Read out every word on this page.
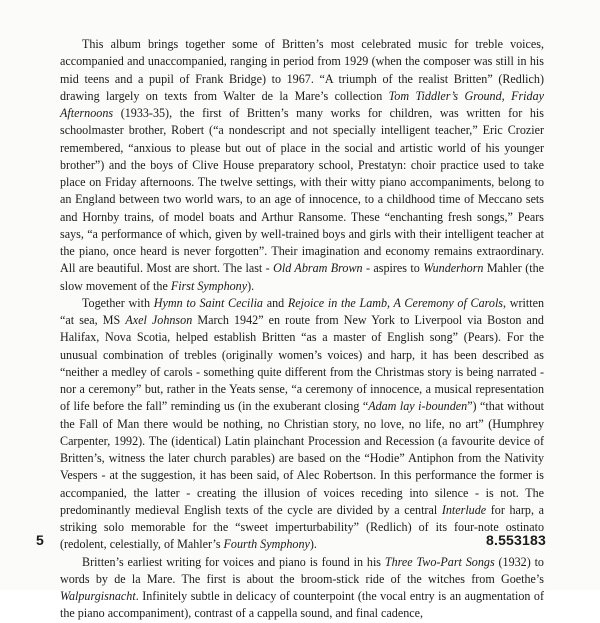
This album brings together some of Britten’s most celebrated music for treble voices, accompanied and unaccompanied, ranging in period from 1929 (when the composer was still in his mid teens and a pupil of Frank Bridge) to 1967. “A triumph of the realist Britten” (Redlich) drawing largely on texts from Walter de la Mare’s collection Tom Tiddler’s Ground, Friday Afternoons (1933-35), the first of Britten’s many works for children, was written for his schoolmaster brother, Robert (“a nondescript and not specially intelligent teacher,” Eric Crozier remembered, “anxious to please but out of place in the social and artistic world of his younger brother”) and the boys of Clive House preparatory school, Prestatyn: choir practice used to take place on Friday afternoons. The twelve settings, with their witty piano accompaniments, belong to an England between two world wars, to an age of innocence, to a childhood time of Meccano sets and Hornby trains, of model boats and Arthur Ransome. These “enchanting fresh songs,” Pears says, “a performance of which, given by well-trained boys and girls with their intelligent teacher at the piano, once heard is never forgotten”. Their imagination and economy remains extraordinary. All are beautiful. Most are short. The last - Old Abram Brown - aspires to Wunderhorn Mahler (the slow movement of the First Symphony).

Together with Hymn to Saint Cecilia and Rejoice in the Lamb, A Ceremony of Carols, written “at sea, MS Axel Johnson March 1942” en route from New York to Liverpool via Boston and Halifax, Nova Scotia, helped establish Britten “as a master of English song” (Pears). For the unusual combination of trebles (originally women’s voices) and harp, it has been described as “neither a medley of carols - something quite different from the Christmas story is being narrated - nor a ceremony” but, rather in the Yeats sense, “a ceremony of innocence, a musical representation of life before the fall” reminding us (in the exuberant closing “Adam lay i-bounden”) “that without the Fall of Man there would be nothing, no Christian story, no love, no life, no art” (Humphrey Carpenter, 1992). The (identical) Latin plainchant Procession and Recession (a favourite device of Britten’s, witness the later church parables) are based on the “Hodie” Antiphon from the Nativity Vespers - at the suggestion, it has been said, of Alec Robertson. In this performance the former is accompanied, the latter - creating the illusion of voices receding into silence - is not. The predominantly medieval English texts of the cycle are divided by a central Interlude for harp, a striking solo memorable for the “sweet imperturbability” (Redlich) of its four-note ostinato (redolent, celestially, of Mahler’s Fourth Symphony).

Britten’s earliest writing for voices and piano is found in his Three Two-Part Songs (1932) to words by de la Mare. The first is about the broom-stick ride of the witches from Goethe’s Walpurgisnacht. Infinitely subtle in delicacy of counterpoint (the vocal entry is an augmentation of the piano accompaniment), contrast of a cappella sound, and final cadence,

5	8.553183
